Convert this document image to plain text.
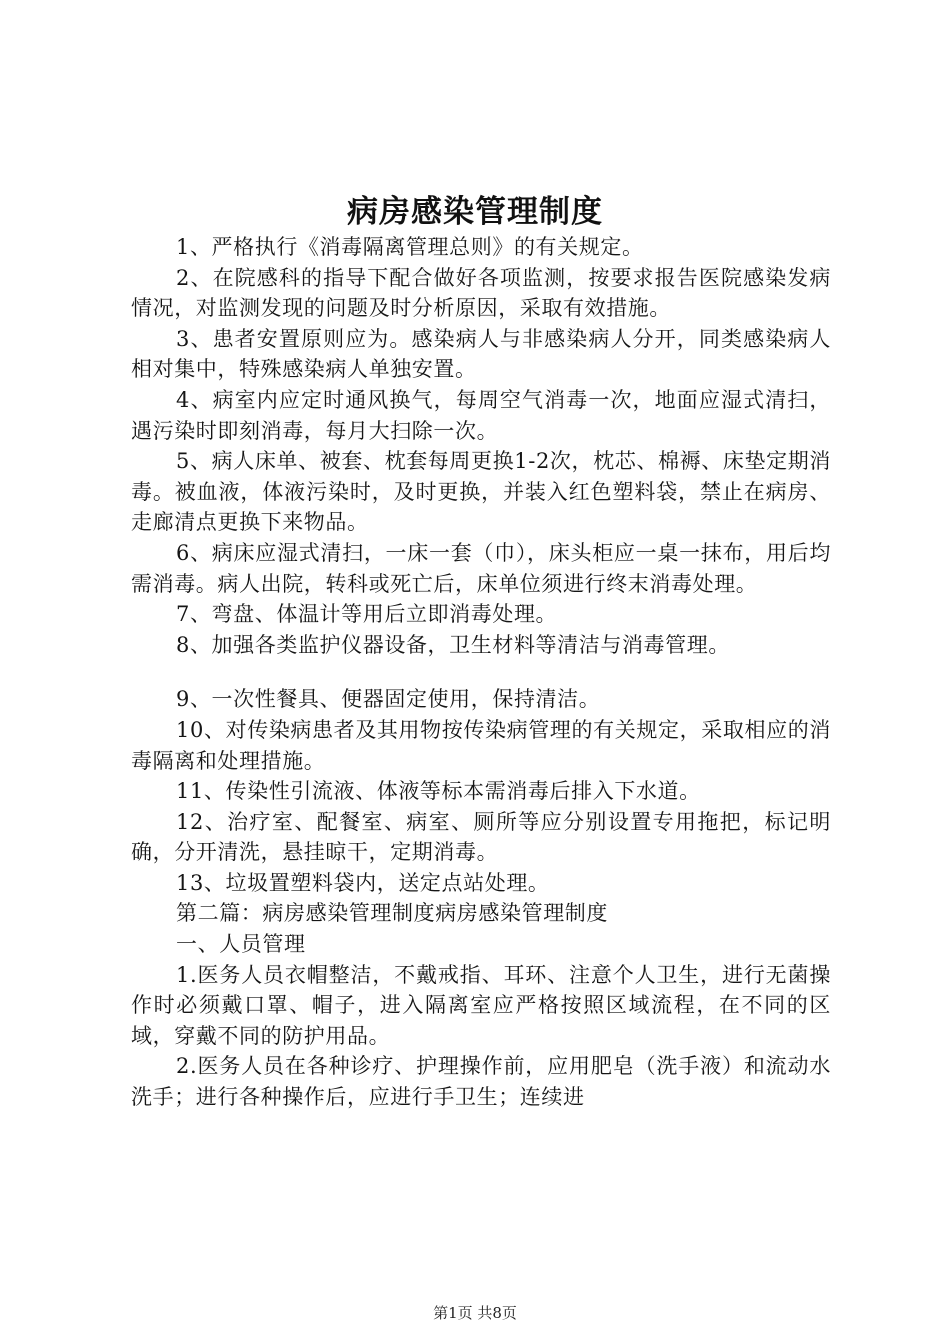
病房感染管理制度

1、严格执行《消毒隔离管理总则》的有关规定。

2、在院感科的指导下配合做好各项监测，按要求报告医院感染发病情况，对监测发现的问题及时分析原因，采取有效措施。

3、患者安置原则应为。感染病人与非感染病人分开，同类感染病人相对集中，特殊感染病人单独安置。

4、病室内应定时通风换气，每周空气消毒一次，地面应湿式清扫，遇污染时即刻消毒，每月大扫除一次。

5、病人床单、被套、枕套每周更换1-2次，枕芯、棉褥、床垫定期消毒。被血液，体液污染时，及时更换，并装入红色塑料袋，禁止在病房、走廊清点更换下来物品。

6、病床应湿式清扫，一床一套（巾），床头柜应一桌一抹布，用后均需消毒。病人出院，转科或死亡后，床单位须进行终末消毒处理。

7、弯盘、体温计等用后立即消毒处理。

8、加强各类监护仪器设备，卫生材料等清洁与消毒管理。

9、一次性餐具、便器固定使用，保持清洁。

10、对传染病患者及其用物按传染病管理的有关规定，采取相应的消毒隔离和处理措施。

11、传染性引流液、体液等标本需消毒后排入下水道。

12、治疗室、配餐室、病室、厕所等应分别设置专用拖把，标记明确，分开清洗，悬挂晾干，定期消毒。

13、垃圾置塑料袋内，送定点站处理。

第二篇：病房感染管理制度病房感染管理制度

一、人员管理

1.医务人员衣帽整洁，不戴戒指、耳环、注意个人卫生，进行无菌操作时必须戴口罩、帽子，进入隔离室应严格按照区域流程，在不同的区域，穿戴不同的防护用品。

2.医务人员在各种诊疗、护理操作前，应用肥皂（洗手液）和流动水洗手；进行各种操作后，应进行手卫生；连续进

第1页 共8页
